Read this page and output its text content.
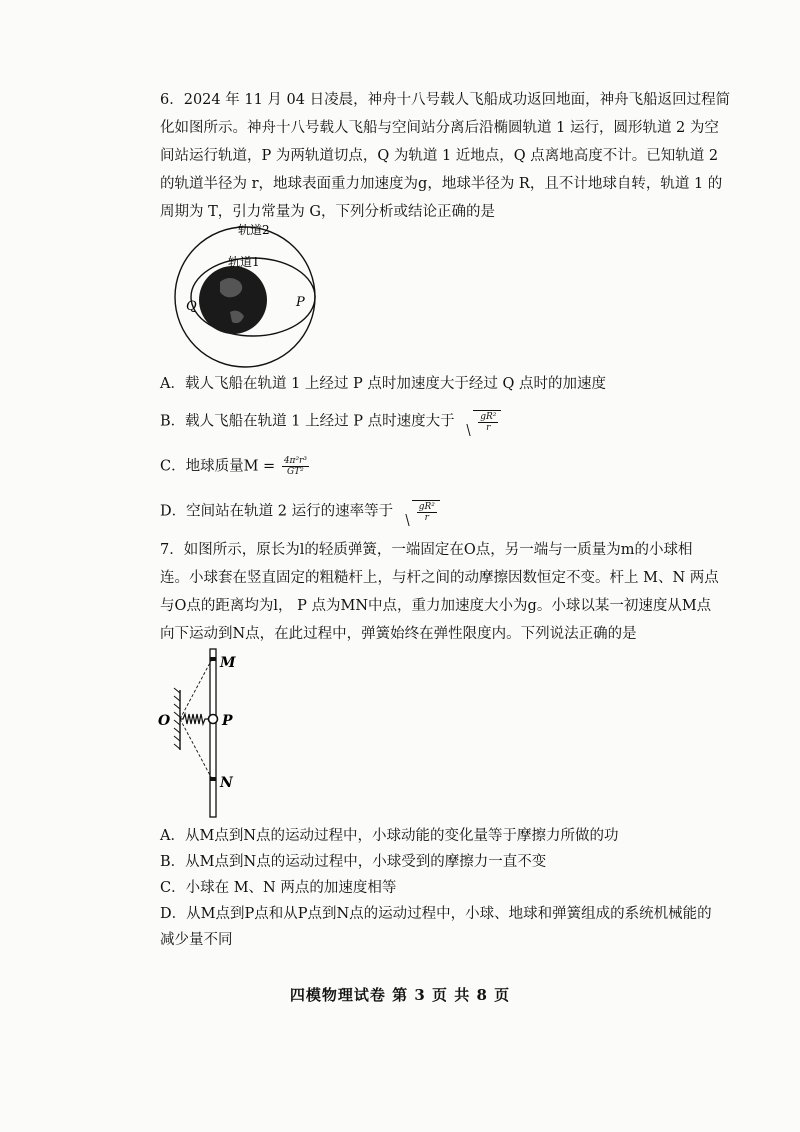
6．2024 年 11 月 04 日凌晨，神舟十八号载人飞船成功返回地面，神舟飞船返回过程简
化如图所示。神舟十八号载人飞船与空间站分离后沿椭圆轨道 1 运行，圆形轨道 2 为空
间站运行轨道，P 为两轨道切点，Q 为轨道 1 近地点，Q 点离地高度不计。已知轨道 2
的轨道半径为 r，地球表面重力加速度为g，地球半径为 R，且不计地球自转，轨道 1 的
周期为 T，引力常量为 G，下列分析或结论正确的是
轨道2
轨道1
Q	P
A．载人飞船在轨道 1 上经过 P 点时加速度大于经过 Q 点时的加速度
B．载人飞船在轨道 1 上经过 P 点时速度大于	$\frac{\text{gR²}}{r}$
C．地球质量$M = \frac{\text{4π²r³}}{\text{GT²}}$
D．空间站在轨道 2 运行的速率等于	$\frac{\text{gR²}}{r}$
7．如图所示，原长为l的轻质弹簧，一端固定在O点，另一端与一质量为m的小球相
连。小球套在竖直固定的粗糙杆上，与杆之间的动摩擦因数恒定不变。杆上 M、N 两点
与O点的距离均为l， P 点为MN中点，重力加速度大小为g。小球以某一初速度从M点
向下运动到N点，在此过程中，弹簧始终在弹性限度内。下列说法正确的是
M
O	P
N
A．从M点到N点的运动过程中，小球动能的变化量等于摩擦力所做的功
B．从M点到N点的运动过程中，小球受到的摩擦力一直不变
C．小球在 M、N 两点的加速度相等
D．从M点到P点和从P点到N点的运动过程中，小球、地球和弹簧组成的系统机械能的
减少量不同
四模物理试卷 第 3 页 共 8 页
